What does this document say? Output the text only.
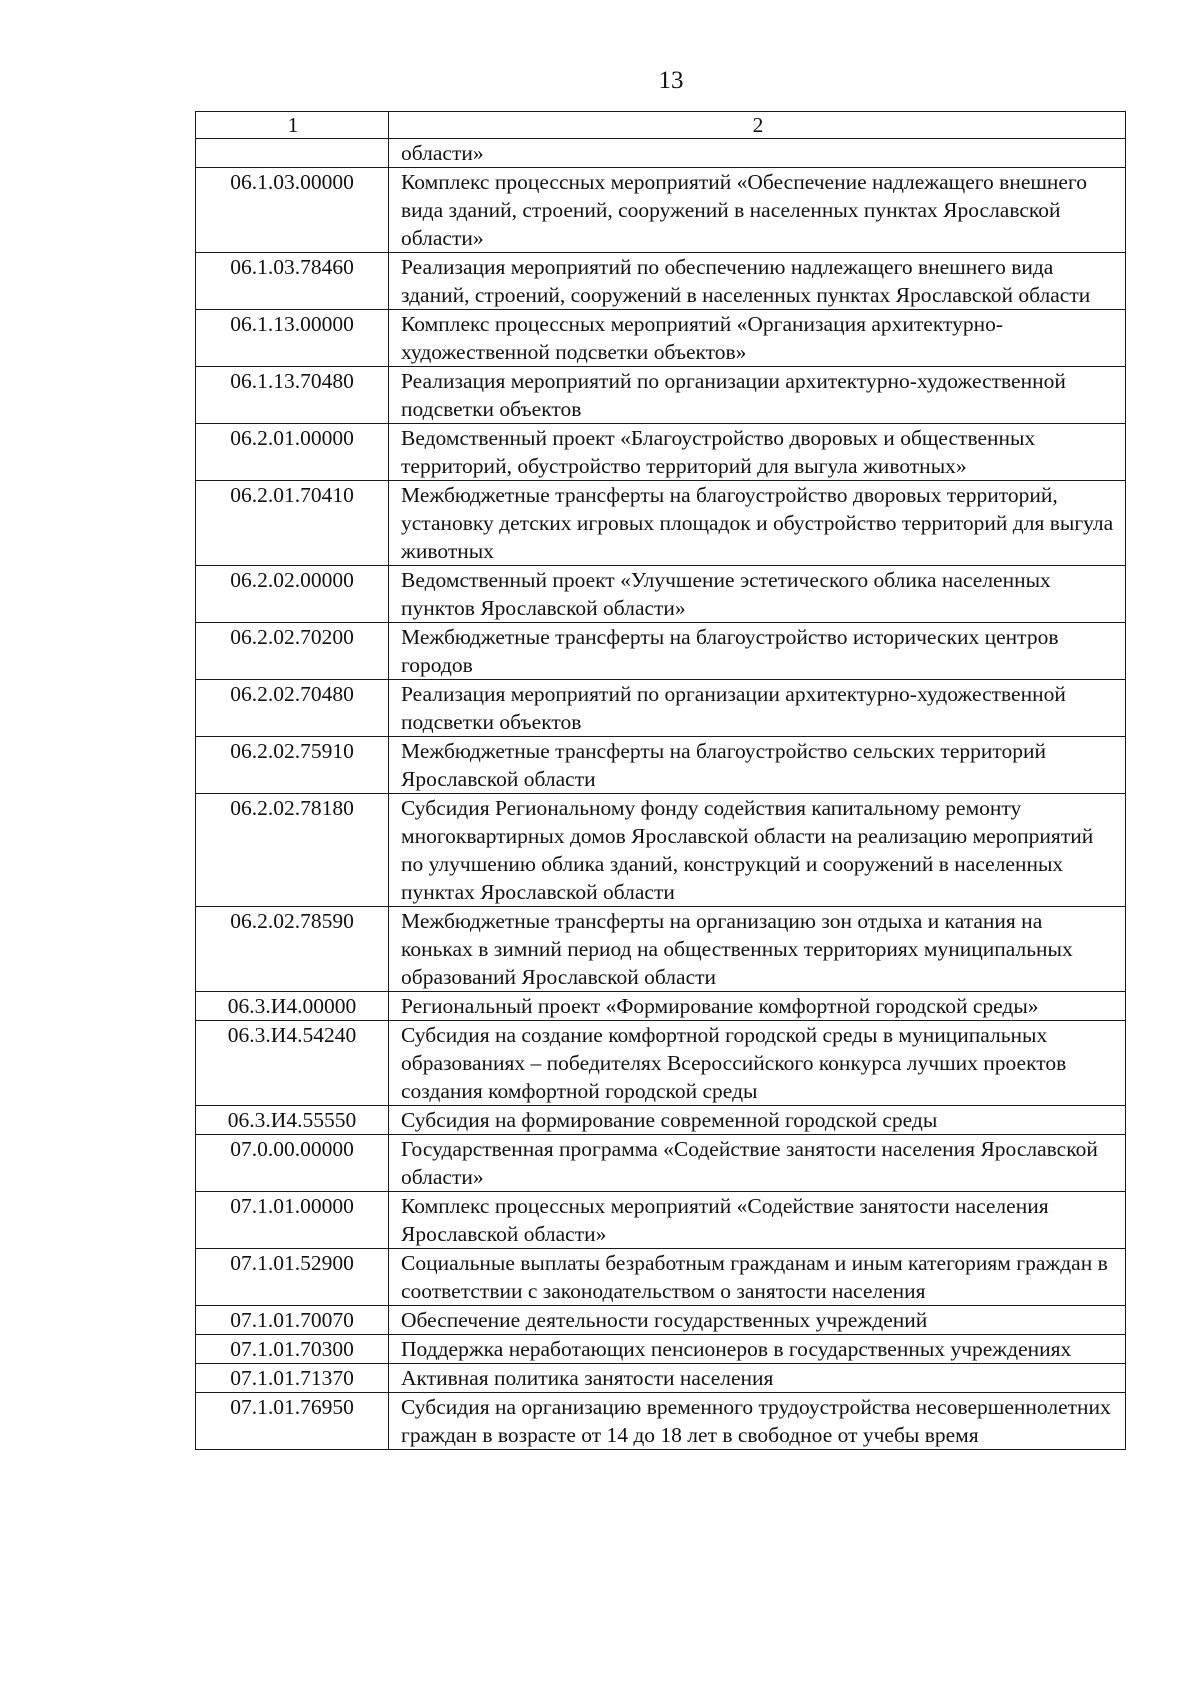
13
1	2
	области»
06.1.03.00000	Комплекс процессных мероприятий «Обеспечение надлежащего внешнего вида зданий, строений, сооружений в населенных пунктах Ярославской области»
06.1.03.78460	Реализация мероприятий по обеспечению надлежащего внешнего вида зданий, строений, сооружений в населенных пунктах Ярославской области
06.1.13.00000	Комплекс процессных мероприятий «Организация архитектурно-художественной подсветки объектов»
06.1.13.70480	Реализация мероприятий по организации архитектурно-художественной подсветки объектов
06.2.01.00000	Ведомственный проект «Благоустройство дворовых и общественных территорий, обустройство территорий для выгула животных»
06.2.01.70410	Межбюджетные трансферты на благоустройство дворовых территорий, установку детских игровых площадок и обустройство территорий для выгула животных
06.2.02.00000	Ведомственный проект «Улучшение эстетического облика населенных пунктов Ярославской области»
06.2.02.70200	Межбюджетные трансферты на благоустройство исторических центров городов
06.2.02.70480	Реализация мероприятий по организации архитектурно-художественной подсветки объектов
06.2.02.75910	Межбюджетные трансферты на благоустройство сельских территорий Ярославской области
06.2.02.78180	Субсидия Региональному фонду содействия капитальному ремонту многоквартирных домов Ярославской области на реализацию мероприятий по улучшению облика зданий, конструкций и сооружений в населенных пунктах Ярославской области
06.2.02.78590	Межбюджетные трансферты на организацию зон отдыха и катания на коньках в зимний период на общественных территориях муниципальных образований Ярославской области
06.3.И4.00000	Региональный проект «Формирование комфортной городской среды»
06.3.И4.54240	Субсидия на создание комфортной городской среды в муниципальных образованиях – победителях Всероссийского конкурса лучших проектов создания комфортной городской среды
06.3.И4.55550	Субсидия на формирование современной городской среды
07.0.00.00000	Государственная программа «Содействие занятости населения Ярославской области»
07.1.01.00000	Комплекс процессных мероприятий «Содействие занятости населения Ярославской области»
07.1.01.52900	Социальные выплаты безработным гражданам и иным категориям граждан в соответствии с законодательством о занятости населения
07.1.01.70070	Обеспечение деятельности государственных учреждений
07.1.01.70300	Поддержка неработающих пенсионеров в государственных учреждениях
07.1.01.71370	Активная политика занятости населения
07.1.01.76950	Субсидия на организацию временного трудоустройства несовершеннолетних граждан в возрасте от 14 до 18 лет в свободное от учебы время
